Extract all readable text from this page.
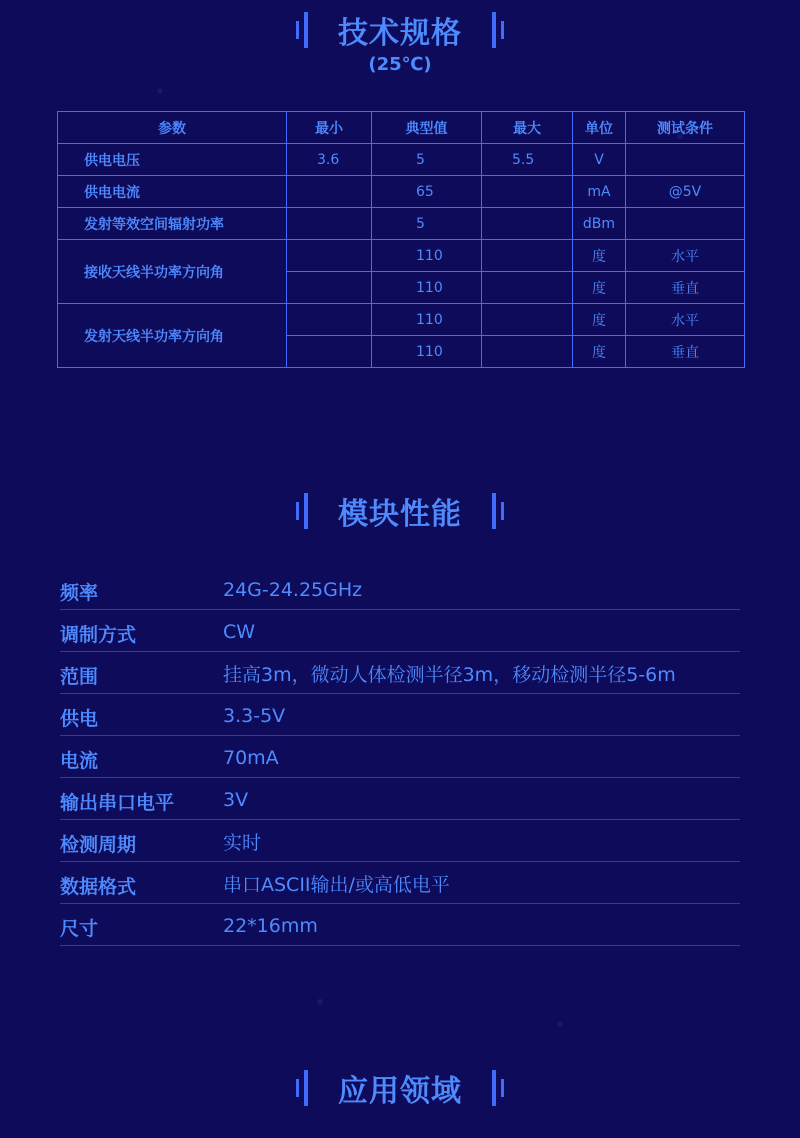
技术规格
(25℃)
参数	最小	典型值	最大	单位	测试条件
供电电压	3.6	5	5.5	V	
供电电流		65		mA	@5V
发射等效空间辐射功率		5		dBm	
接收天线半功率方向角		110		度	水平
		110		度	垂直
发射天线半功率方向角		110		度	水平
		110		度	垂直
模块性能
频率	24G-24.25GHz
调制方式	CW
范围	挂高3m，微动人体检测半径3m，移动检测半径5-6m
供电	3.3-5V
电流	70mA
输出串口电平	3V
检测周期	实时
数据格式	串口ASCII输出/或高低电平
尺寸	22*16mm
应用领域
